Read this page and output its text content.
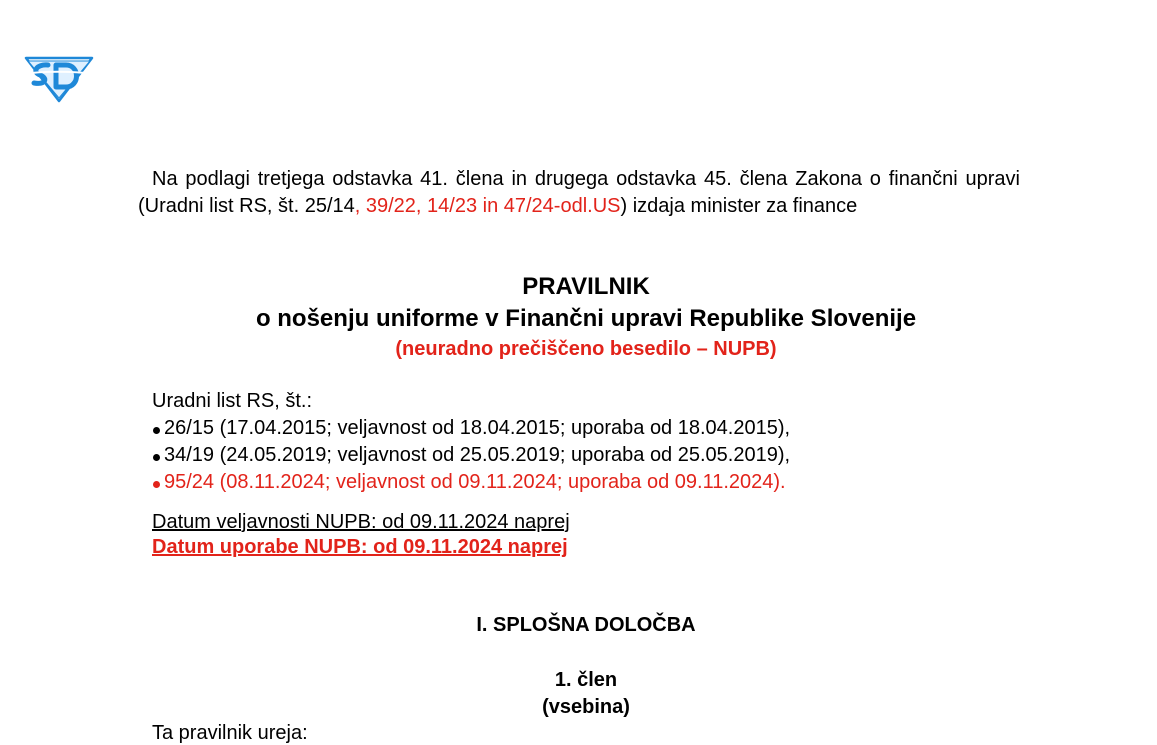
Na podlagi tretjega odstavka 41. člena in drugega odstavka 45. člena Zakona o finančni upravi (Uradni list RS, št. 25/14, 39/22, 14/23 in 47/24-odl.US) izdaja minister za finance
PRAVILNIK
o nošenju uniforme v Finančni upravi Republike Slovenije
(neuradno prečiščeno besedilo – NUPB)
Uradni list RS, št.:
26/15 (17.04.2015; veljavnost od 18.04.2015; uporaba od 18.04.2015),
34/19 (24.05.2019; veljavnost od 25.05.2019; uporaba od 25.05.2019),
95/24 (08.11.2024; veljavnost od 09.11.2024; uporaba od 09.11.2024).
Datum veljavnosti NUPB: od 09.11.2024 naprej
Datum uporabe NUPB: od 09.11.2024 naprej
I. SPLOŠNA DOLOČBA
1. člen
(vsebina)
Ta pravilnik ureja:
